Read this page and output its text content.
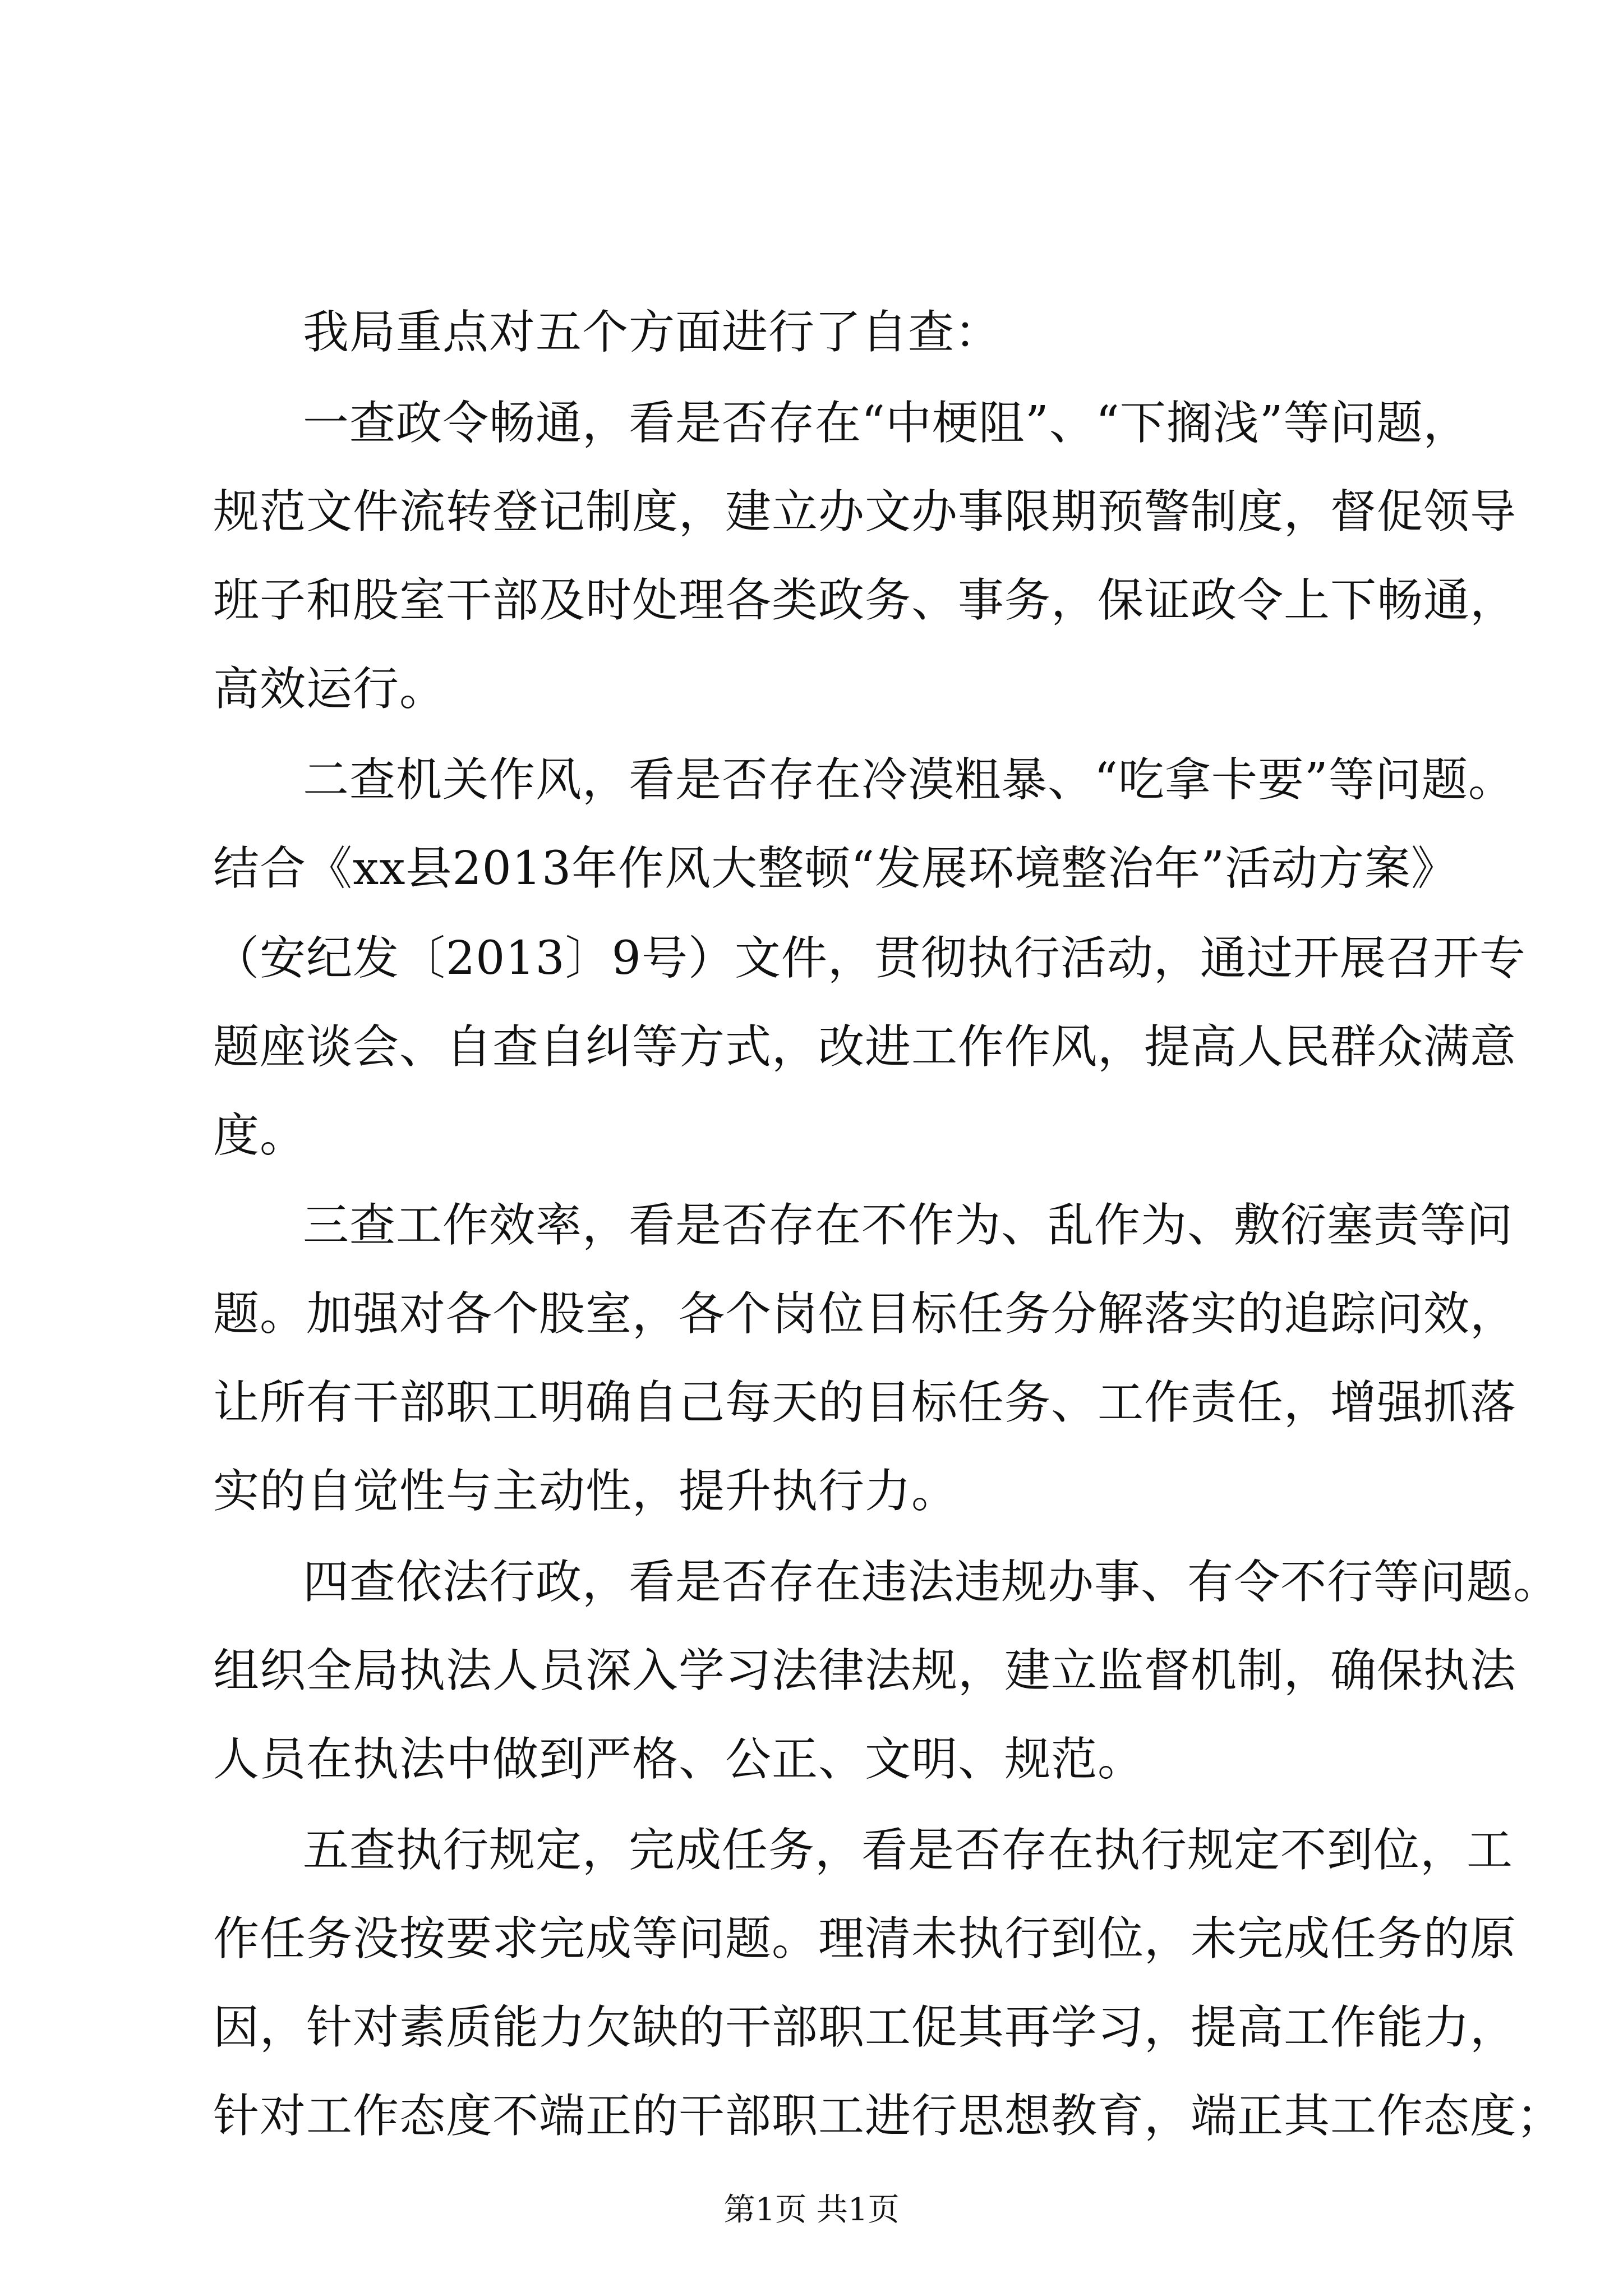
我局重点对五个方面进行了自查：
一查政令畅通，看是否存在“中梗阻”、“下搁浅”等问题，
规范文件流转登记制度，建立办文办事限期预警制度，督促领导
班子和股室干部及时处理各类政务、事务，保证政令上下畅通，
高效运行。
二查机关作风，看是否存在冷漠粗暴、“吃拿卡要”等问题。
结合《xx县2013年作风大整顿“发展环境整治年”活动方案》
（安纪发〔2013〕9号）文件，贯彻执行活动，通过开展召开专
题座谈会、自查自纠等方式，改进工作作风，提高人民群众满意
度。
三查工作效率，看是否存在不作为、乱作为、敷衍塞责等问
题。加强对各个股室，各个岗位目标任务分解落实的追踪问效，
让所有干部职工明确自己每天的目标任务、工作责任，增强抓落
实的自觉性与主动性，提升执行力。
四查依法行政，看是否存在违法违规办事、有令不行等问题。
组织全局执法人员深入学习法律法规，建立监督机制，确保执法
人员在执法中做到严格、公正、文明、规范。
五查执行规定，完成任务，看是否存在执行规定不到位，工
作任务没按要求完成等问题。理清未执行到位，未完成任务的原
因，针对素质能力欠缺的干部职工促其再学习，提高工作能力，
针对工作态度不端正的干部职工进行思想教育，端正其工作态度；
第1页 共1页
